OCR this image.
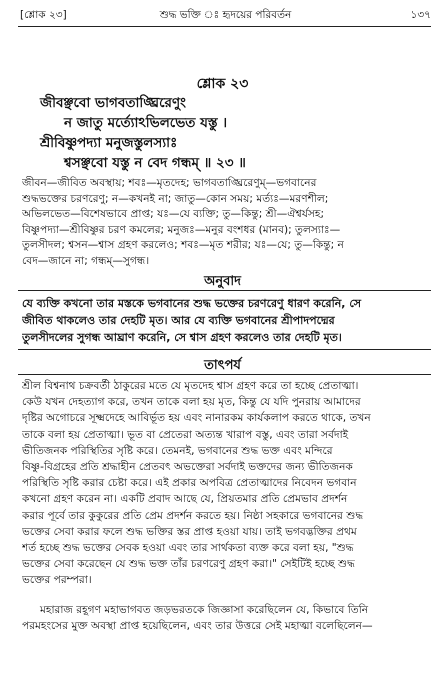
[শ্লোক ২৩]	শুদ্ধ ভক্তি ঃ হৃদয়ের পরিবর্তন	১৩৭
শ্লোক ২৩
জীবঞ্ছবো ভাগবতাঙ্ঘ্রিরেণুং
ন জাতু মর্ত্যোঽভিলভেত যস্তু ।
শ্রীবিষ্ণুপদ্যা মনুজস্তুলস্যাঃ
শ্বসঞ্ছবো যস্তু ন বেদ গন্ধম্ ॥ ২৩ ॥
জীবন—জীবিত অবস্থায়; শবঃ—মৃতদেহ; ভাগবতাঙ্ঘ্রিরেণুম্—ভগবানের
শুদ্ধভক্তের চরণরেণু; ন—কখনই না; জাতু—কোন সময়; মর্ত্যঃ—মরণশীল;
অভিলভেত—বিশেষভাবে প্রাপ্ত; যঃ—যে ব্যক্তি; তু—কিন্তু; শ্রী—ঐশ্বর্যসহ;
বিষ্ণুপদ্যা—শ্রীবিষ্ণুর চরণ কমলের; মনুজঃ—মনুর বংশধর (মানব); তুলস্যাঃ—
তুলসীদল; শ্বসন—শ্বাস গ্রহণ করলেও; শবঃ—মৃত শরীর; যঃ—যে; তু—কিন্তু; ন
বেদ—জানে না; গন্ধম্—সুগন্ধ।
অনুবাদ
যে ব্যক্তি কখনো তার মস্তকে ভগবানের শুদ্ধ ভক্তের চরণরেণু ধারণ করেনি, সে
জীবিত থাকলেও তার দেহটি মৃত। আর যে ব্যক্তি ভগবানের শ্রীপাদপদ্মের
তুলসীদলের সুগন্ধ আঘ্রাণ করেনি, সে শ্বাস গ্রহণ করলেও তার দেহটি মৃত।
তাৎপর্য
শ্রীল বিশ্বনাথ চক্রবর্তী ঠাকুরের মতে যে মৃতদেহ শ্বাস গ্রহণ করে তা হচ্ছে প্রেতাত্মা।
কেউ যখন দেহত্যাগ করে, তখন তাকে বলা হয় মৃত, কিন্তু যে যদি পুনরায় আমাদের
দৃষ্টির অগোচরে সূক্ষ্মদেহে আবির্ভূত হয় এবং নানারকম কার্যকলাপ করতে থাকে, তখন
তাকে বলা হয় প্রেতাত্মা। ভূত বা প্রেতেরা অত্যন্ত খারাপ বস্তু, এবং তারা সর্বদাই
ভীতিজনক পরিস্থিতির সৃষ্টি করে। তেমনই, ভগবানের শুদ্ধ ভক্ত এবং মন্দিরে
বিষ্ণু-বিগ্রহের প্রতি শ্রদ্ধাহীন প্রেতবৎ অভক্তেরা সর্বদাই ভক্তদের জন্য ভীতিজনক
পরিস্থিতি সৃষ্টি করার চেষ্টা করে। এই প্রকার অপবিত্র প্রেতাত্মাদের নিবেদন ভগবান
কখনো গ্রহণ করেন না। একটি প্রবাদ আছে যে, প্রিয়তমার প্রতি প্রেমভাব প্রদর্শন
করার পূর্বে তার কুকুরের প্রতি প্রেম প্রদর্শন করতে হয়। নিষ্ঠা সহকারে ভগবানের শুদ্ধ
ভক্তের সেবা করার ফলে শুদ্ধ ভক্তির স্তর প্রাপ্ত হওয়া যায়। তাই ভগবদ্ভক্তির প্রথম
শর্ত হচ্ছে শুদ্ধ ভক্তের সেবক হওয়া এবং তার সার্থকতা ব্যক্ত করে বলা হয়, "শুদ্ধ
ভক্তের সেবা করেছেন যে শুদ্ধ ভক্ত তাঁর চরণরেণু গ্রহণ করা।" সেইটিই হচ্ছে শুদ্ধ
ভক্তের পরম্পরা।
মহারাজ রহূগণ মহাভাগবত জড়ভরতকে জিজ্ঞাসা করেছিলেন যে, কিভাবে তিনি
পরমহংসের মুক্ত অবস্থা প্রাপ্ত হয়েছিলেন, এবং তার উত্তরে সেই মহাত্মা বলেছিলেন—
